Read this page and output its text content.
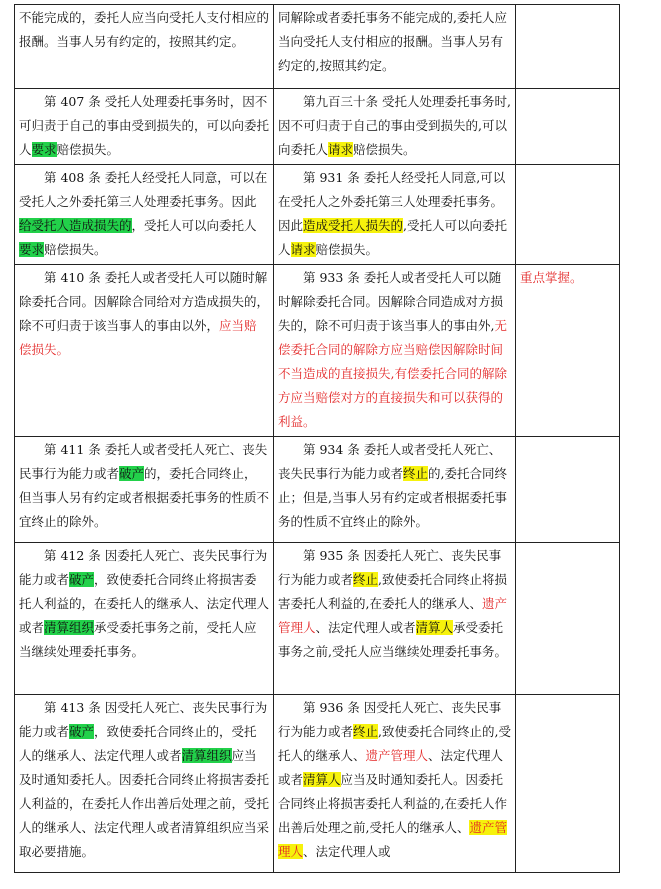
不能完成的，委托人应当向受托人支付相应的报酬。当事人另有约定的，按照其约定。	同解除或者委托事务不能完成的,委托人应当向受托人支付相应的报酬。当事人另有约定的,按照其约定。	

第 407 条 受托人处理委托事务时，因不可归责于自己的事由受到损失的，可以向委托人要求赔偿损失。	第九百三十条 受托人处理委托事务时,因不可归责于自己的事由受到损失的,可以向委托人请求赔偿损失。	

第 408 条 委托人经受托人同意，可以在受托人之外委托第三人处理委托事务。因此给受托人造成损失的，受托人可以向委托人要求赔偿损失。	第 931 条 委托人经受托人同意,可以在受托人之外委托第三人处理委托事务。因此造成受托人损失的,受托人可以向委托人请求赔偿损失。	

第 410 条 委托人或者受托人可以随时解除委托合同。因解除合同给对方造成损失的，除不可归责于该当事人的事由以外，应当赔偿损失。	第 933 条 委托人或者受托人可以随时解除委托合同。因解除合同造成对方损失的，除不可归责于该当事人的事由外,无偿委托合同的解除方应当赔偿因解除时间不当造成的直接损失,有偿委托合同的解除方应当赔偿对方的直接损失和可以获得的利益。	重点掌握。

第 411 条 委托人或者受托人死亡、丧失民事行为能力或者破产的，委托合同终止，但当事人另有约定或者根据委托事务的性质不宜终止的除外。	第 934 条 委托人或者受托人死亡、丧失民事行为能力或者终止的,委托合同终止；但是,当事人另有约定或者根据委托事务的性质不宜终止的除外。	

第 412 条 因委托人死亡、丧失民事行为能力或者破产，致使委托合同终止将损害委托人利益的，在委托人的继承人、法定代理人或者清算组织承受委托事务之前，受托人应当继续处理委托事务。	第 935 条 因委托人死亡、丧失民事行为能力或者终止,致使委托合同终止将损害委托人利益的,在委托人的继承人、遗产管理人、法定代理人或者清算人承受委托事务之前,受托人应当继续处理委托事务。	

第 413 条 因受托人死亡、丧失民事行为能力或者破产，致使委托合同终止的，受托人的继承人、法定代理人或者清算组织应当及时通知委托人。因委托合同终止将损害委托人利益的，在委托人作出善后处理之前，受托人的继承人、法定代理人或者清算组织应当采取必要措施。	第 936 条 因受托人死亡、丧失民事行为能力或者终止,致使委托合同终止的,受托人的继承人、遗产管理人、法定代理人或者清算人应当及时通知委托人。因委托合同终止将损害委托人利益的,在委托人作出善后处理之前,受托人的继承人、遗产管理人、法定代理人或	
